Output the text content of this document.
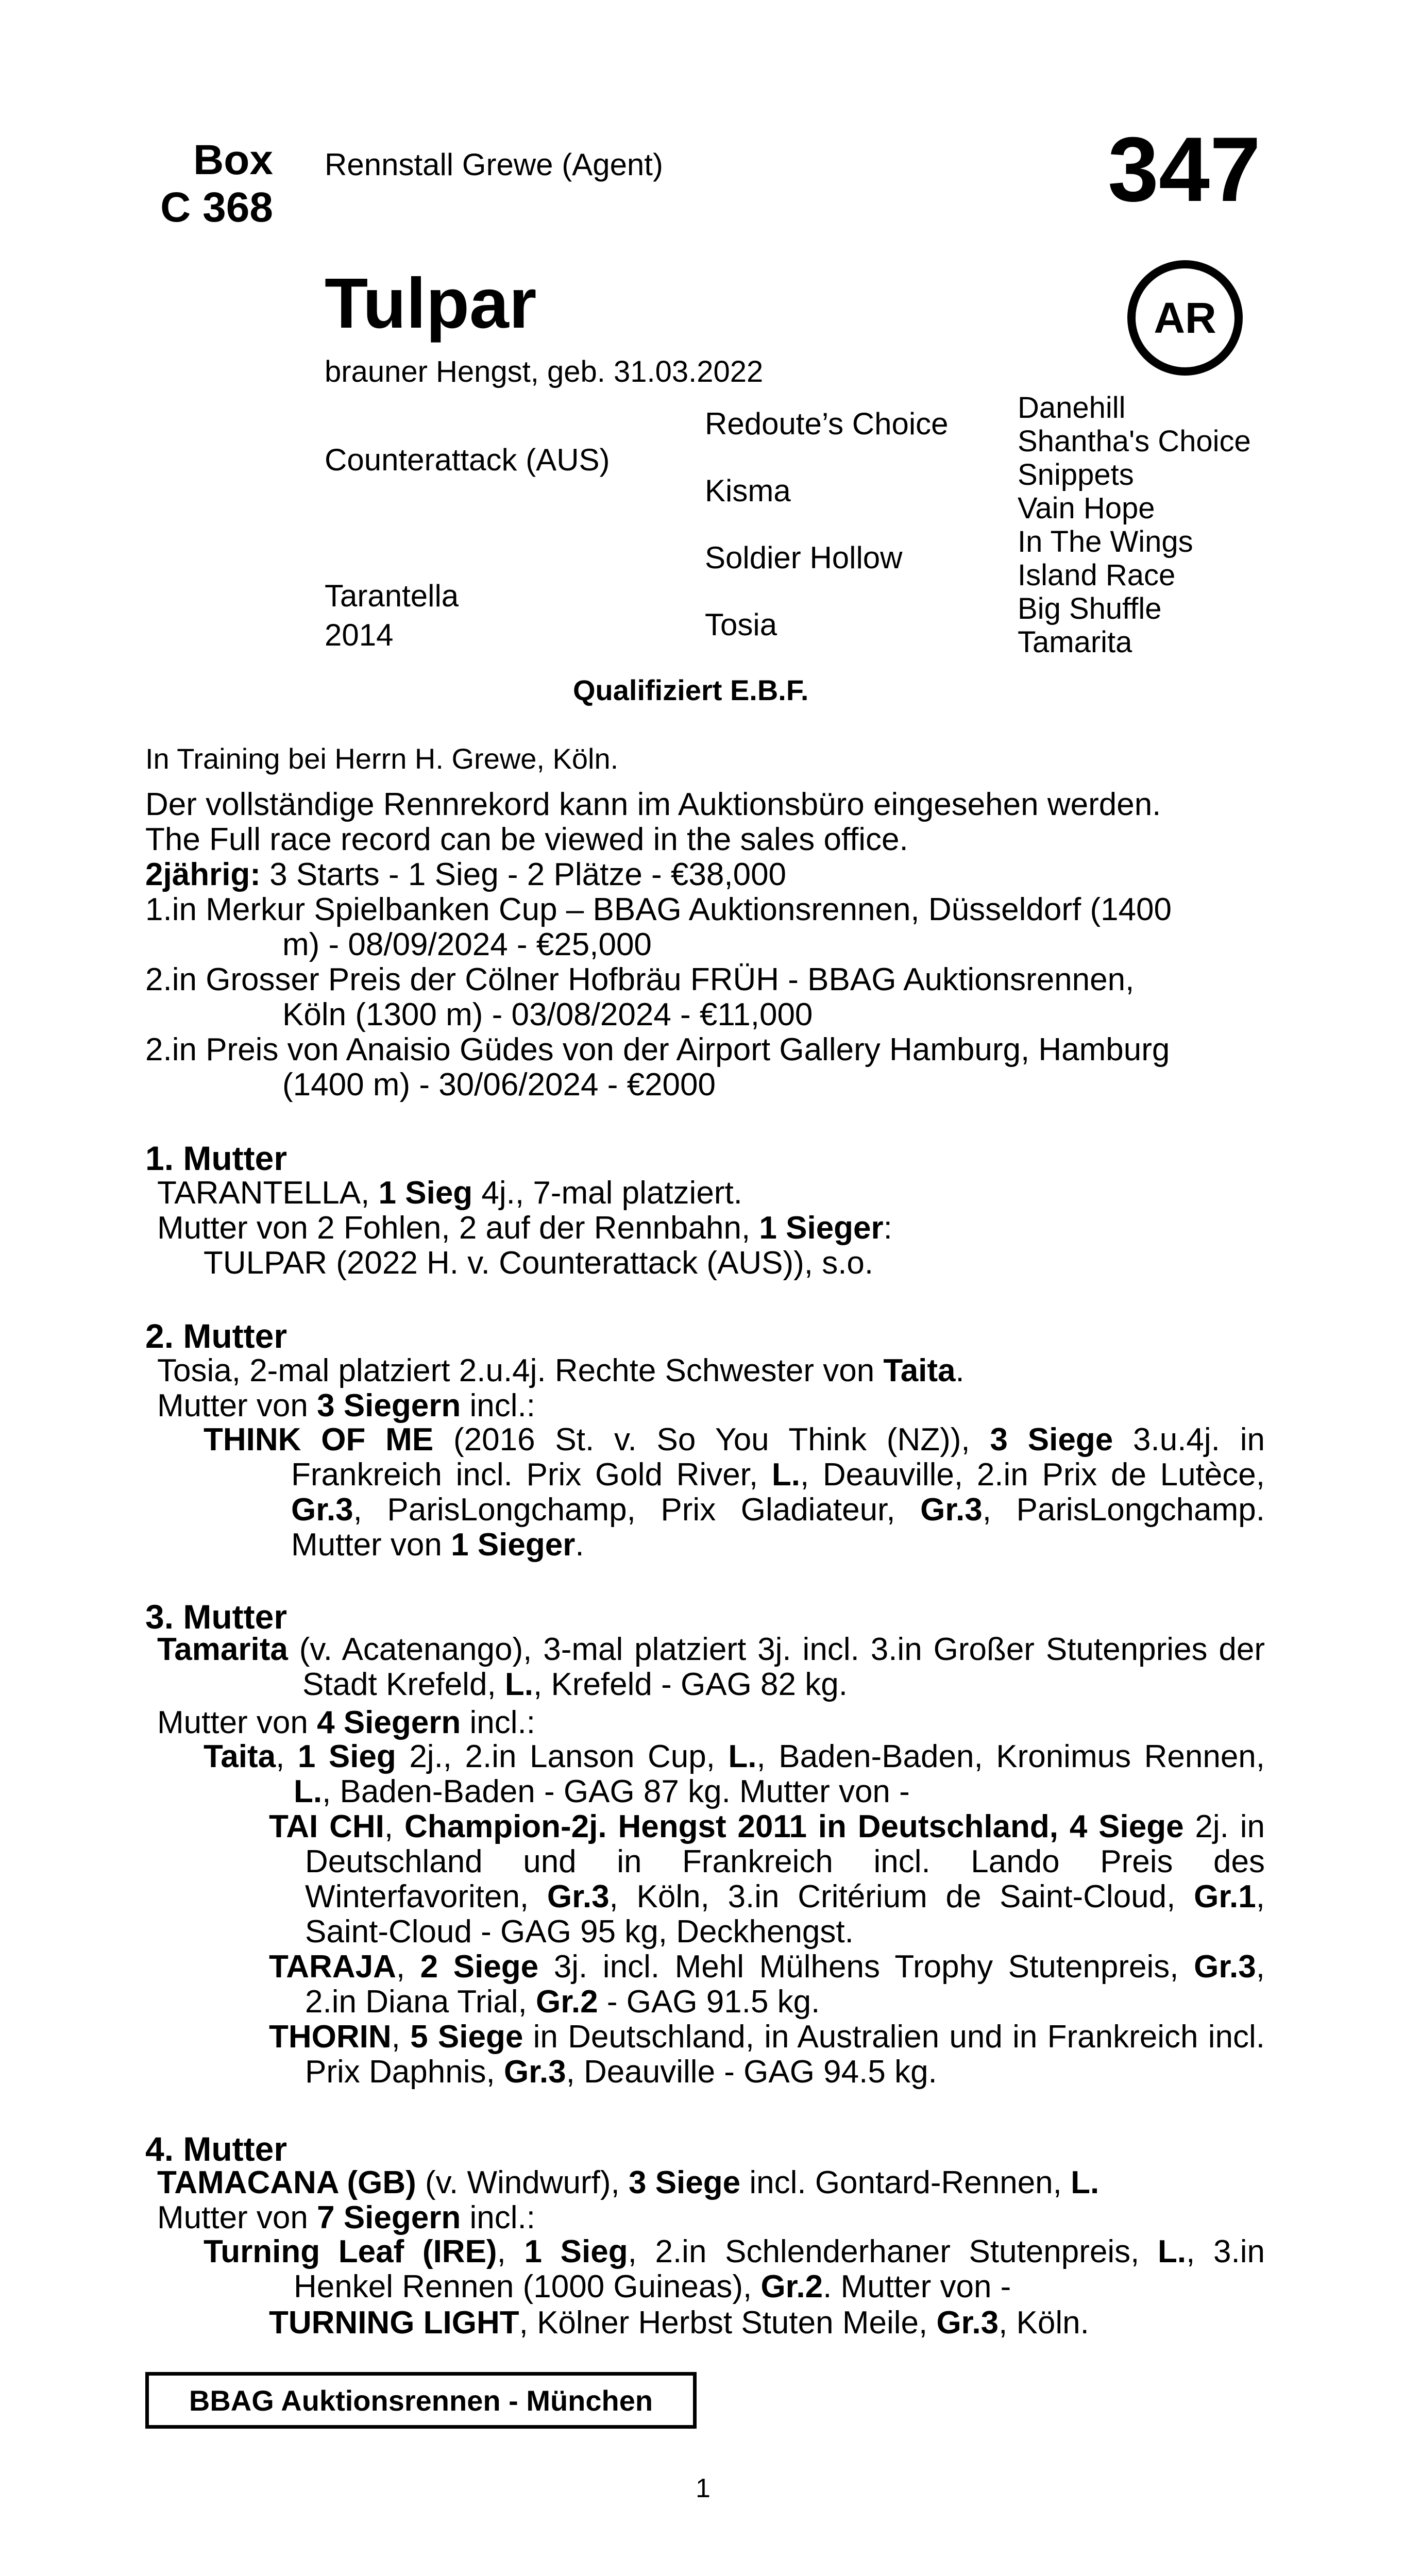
Box
C 368
Rennstall Grewe (Agent)	347
AR
Tulpar
brauner Hengst, geb. 31.03.2022
Counterattack (AUS)
Tarantella
2014
Redoute’s Choice
Kisma
Soldier Hollow
Tosia
Danehill
Shantha's Choice
Snippets
Vain Hope
In The Wings
Island Race
Big Shuffle
Tamarita
Qualifiziert E.B.F.
In Training bei Herrn H. Grewe, Köln.
Der vollständige Rennrekord kann im Auktionsbüro eingesehen werden.
The Full race record can be viewed in the sales office.
2jährig: 3 Starts - 1 Sieg - 2 Plätze - €38,000
1.in Merkur Spielbanken Cup – BBAG Auktionsrennen, Düsseldorf (1400
m) - 08/09/2024 - €25,000
2.in Grosser Preis der Cölner Hofbräu FRÜH - BBAG Auktionsrennen,
Köln (1300 m) - 03/08/2024 - €11,000
2.in Preis von Anaisio Güdes von der Airport Gallery Hamburg, Hamburg
(1400 m) - 30/06/2024 - €2000
1. Mutter
TARANTELLA, 1 Sieg 4j., 7-mal platziert.
Mutter von 2 Fohlen, 2 auf der Rennbahn, 1 Sieger:
TULPAR (2022 H. v. Counterattack (AUS)), s.o.
2. Mutter
Tosia, 2-mal platziert 2.u.4j. Rechte Schwester von Taita.
Mutter von 3 Siegern incl.:
THINK OF ME (2016 St. v. So You Think (NZ)), 3 Siege 3.u.4j. in Frankreich incl. Prix Gold River, L., Deauville, 2.in Prix de Lutèce, Gr.3, ParisLongchamp, Prix Gladiateur, Gr.3, ParisLongchamp. Mutter von 1 Sieger.
3. Mutter
Tamarita (v. Acatenango), 3-mal platziert 3j. incl. 3.in Großer Stutenpries der Stadt Krefeld, L., Krefeld - GAG 82 kg.
Mutter von 4 Siegern incl.:
Taita, 1 Sieg 2j., 2.in Lanson Cup, L., Baden-Baden, Kronimus Rennen, L., Baden-Baden - GAG 87 kg. Mutter von -
TAI CHI, Champion-2j. Hengst 2011 in Deutschland, 4 Siege 2j. in Deutschland und in Frankreich incl. Lando Preis des Winterfavoriten, Gr.3, Köln, 3.in Critérium de Saint-Cloud, Gr.1, Saint-Cloud - GAG 95 kg, Deckhengst.
TARAJA, 2 Siege 3j. incl. Mehl Mülhens Trophy Stutenpreis, Gr.3, 2.in Diana Trial, Gr.2 - GAG 91.5 kg.
THORIN, 5 Siege in Deutschland, in Australien und in Frankreich incl. Prix Daphnis, Gr.3, Deauville - GAG 94.5 kg.
4. Mutter
TAMACANA (GB) (v. Windwurf), 3 Siege incl. Gontard-Rennen, L.
Mutter von 7 Siegern incl.:
Turning Leaf (IRE), 1 Sieg, 2.in Schlenderhaner Stutenpreis, L., 3.in Henkel Rennen (1000 Guineas), Gr.2. Mutter von -
TURNING LIGHT, Kölner Herbst Stuten Meile, Gr.3, Köln.
BBAG Auktionsrennen - München
1
